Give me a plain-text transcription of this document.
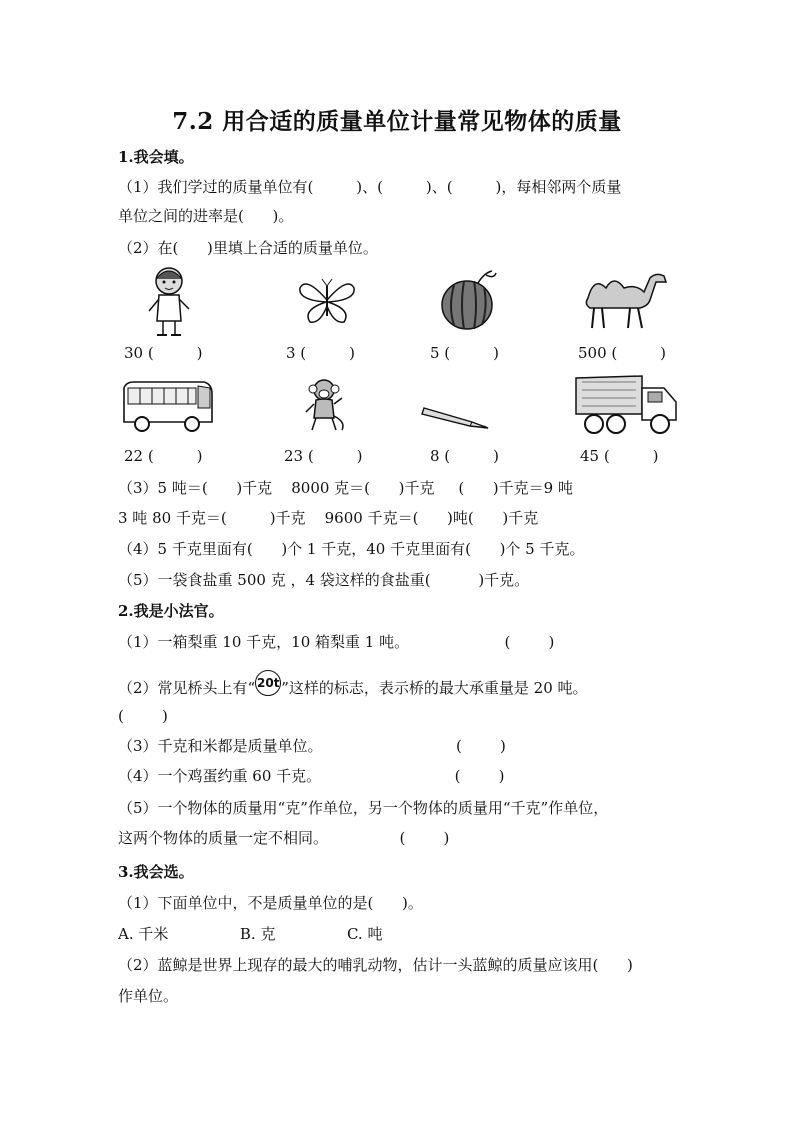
7.2 用合适的质量单位计量常见物体的质量
1.我会填。
（1）我们学过的质量单位有(         )、(         )、(         )，每相邻两个质量
单位之间的进率是(      )。
（2）在(      )里填上合适的质量单位。
30 (         )	3 (         )	5 (         )	500 (         )
22 (         )	23 (         )	8 (         )	45 (         )
（3）5 吨＝(      )千克    8000 克＝(      )千克     (      )千克＝9 吨
3 吨 80 千克＝(         )千克    9600 千克＝(      )吨(      )千克
（4）5 千克里面有(      )个 1 千克，40 千克里面有(      )个 5 千克。
（5）一袋食盐重 500 克 ，4 袋这样的食盐重(          )千克。
2.我是小法官。
（1）一箱梨重 10 千克，10 箱梨重 1 吨。                    (        )
（2）常见桥头上有“ 20t ”这样的标志，表示桥的最大承重量是 20 吨。
(        )
（3）千克和米都是质量单位。                            (        )
（4）一个鸡蛋约重 60 千克。                            (        )
（5）一个物体的质量用“克”作单位，另一个物体的质量用“千克”作单位，
这两个物体的质量一定不相同。               (        )
3.我会选。
（1）下面单位中，不是质量单位的是(      )。
A. 千米               B. 克               C. 吨
（2）蓝鲸是世界上现存的最大的哺乳动物，估计一头蓝鲸的质量应该用(      )
作单位。
